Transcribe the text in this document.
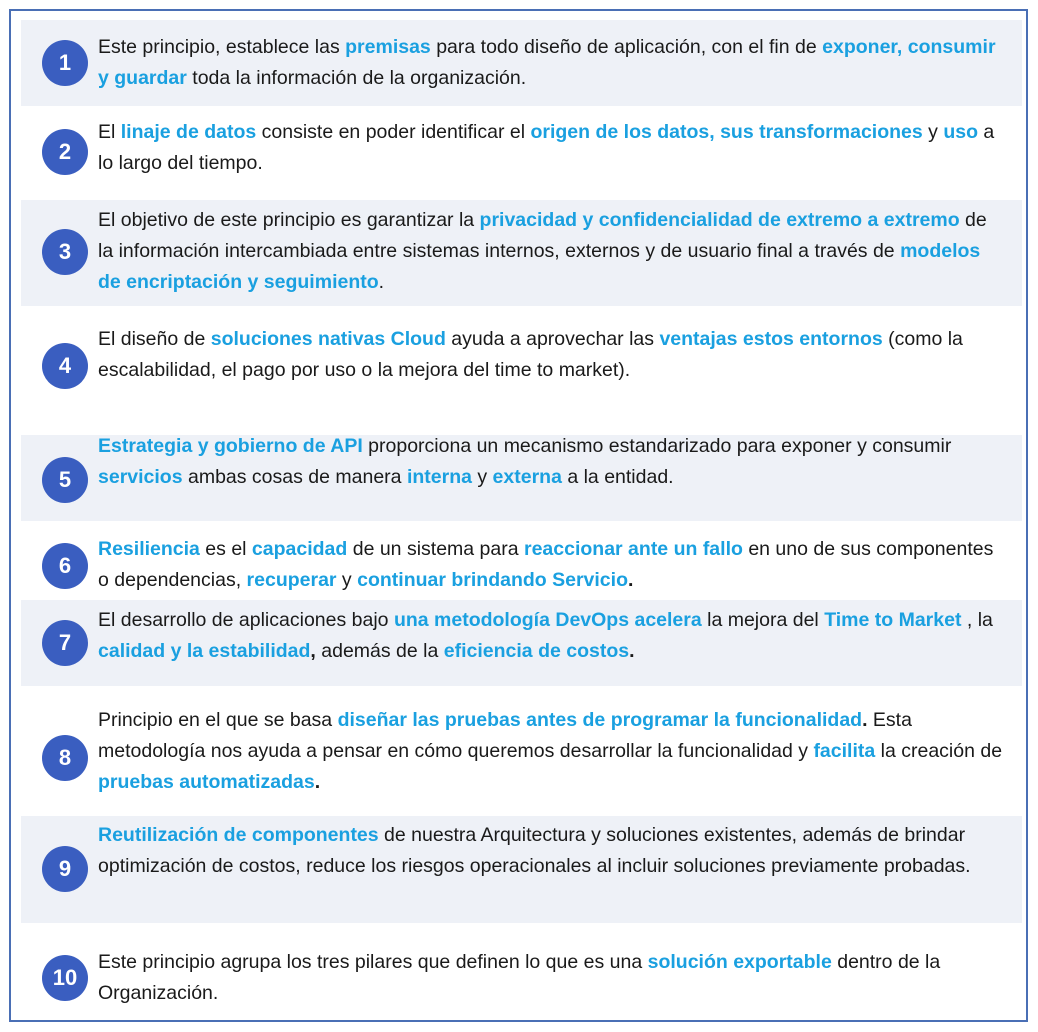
1
Este principio, establece las premisas para todo diseño de aplicación, con el fin de exponer, consumir y guardar toda la información de la organización.
2
El linaje de datos consiste en poder identificar el origen de los datos, sus transformaciones y uso a lo largo del tiempo.
3
El objetivo de este principio es garantizar la privacidad y confidencialidad de extremo a extremo de la información intercambiada entre sistemas internos, externos y de usuario final a través de modelos de encriptación y seguimiento.
4
El diseño de soluciones nativas Cloud ayuda a aprovechar las ventajas estos entornos (como la escalabilidad, el pago por uso o la mejora del time to market).
5
Estrategia y gobierno de API proporciona un mecanismo estandarizado para exponer y consumir servicios ambas cosas de manera interna y externa a la entidad.
6
Resiliencia es el capacidad de un sistema para reaccionar ante un fallo en uno de sus componentes o dependencias, recuperar y continuar brindando Servicio.
7
El desarrollo de aplicaciones bajo una metodología DevOps acelera la mejora del Time to Market , la calidad y la estabilidad, además de la eficiencia de costos.
8
Principio en el que se basa diseñar las pruebas antes de programar la funcionalidad. Esta metodología nos ayuda a pensar en cómo queremos desarrollar la funcionalidad y facilita la creación de pruebas automatizadas.
9
Reutilización de componentes de nuestra Arquitectura y soluciones existentes, además de brindar optimización de costos, reduce los riesgos operacionales al incluir soluciones previamente probadas.
10
Este principio agrupa los tres pilares que definen lo que es una solución exportable dentro de la Organización.
